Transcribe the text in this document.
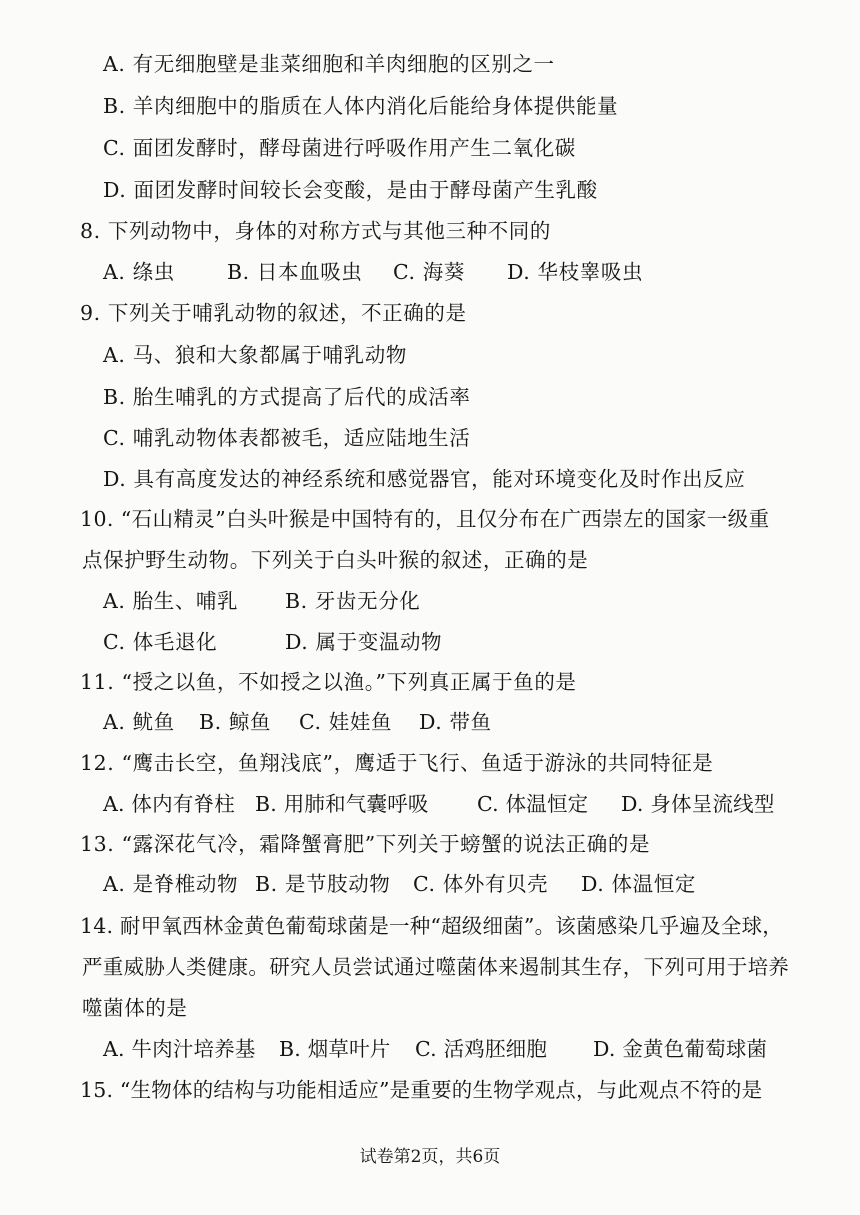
A. 有无细胞壁是韭菜细胞和羊肉细胞的区别之一
B. 羊肉细胞中的脂质在人体内消化后能给身体提供能量
C. 面团发酵时，酵母菌进行呼吸作用产生二氧化碳
D. 面团发酵时间较长会变酸，是由于酵母菌产生乳酸
8. 下列动物中，身体的对称方式与其他三种不同的
A. 绦虫	B. 日本血吸虫 C. 海葵 D. 华枝睾吸虫
9. 下列关于哺乳动物的叙述，不正确的是
A. 马、狼和大象都属于哺乳动物
B. 胎生哺乳的方式提高了后代的成活率
C. 哺乳动物体表都被毛，适应陆地生活
D. 具有高度发达的神经系统和感觉器官，能对环境变化及时作出反应
10. “石山精灵”白头叶猴是中国特有的，且仅分布在广西崇左的国家一级重
点保护野生动物。下列关于白头叶猴的叙述，正确的是
A. 胎生、哺乳 B. 牙齿无分化
C. 体毛退化	D. 属于变温动物
11. “授之以鱼，不如授之以渔。”下列真正属于鱼的是
A. 鱿鱼 B. 鲸鱼 C. 娃娃鱼 D. 带鱼
12. “鹰击长空，鱼翔浅底”，鹰适于飞行、鱼适于游泳的共同特征是
A. 体内有脊柱 B. 用肺和气囊呼吸 C. 体温恒定 D. 身体呈流线型
13. “露深花气冷，霜降蟹膏肥”下列关于螃蟹的说法正确的是
A. 是脊椎动物 B. 是节肢动物 C. 体外有贝壳 D. 体温恒定
14. 耐甲氧西林金黄色葡萄球菌是一种“超级细菌”。该菌感染几乎遍及全球，
严重威胁人类健康。研究人员尝试通过噬菌体来遏制其生存，下列可用于培养
噬菌体的是
A. 牛肉汁培养基 B. 烟草叶片 C. 活鸡胚细胞 D. 金黄色葡萄球菌
15. “生物体的结构与功能相适应”是重要的生物学观点，与此观点不符的是
试卷第2页，共6页
